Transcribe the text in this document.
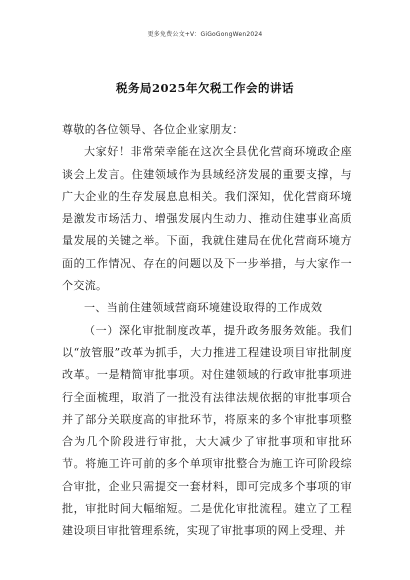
更多免费公文+V：GiGoGongWen2024
税务局2025年欠税工作会的讲话

尊敬的各位领导、各位企业家朋友：

大家好！非常荣幸能在这次全县优化营商环境政企座谈会上发言。住建领域作为县域经济发展的重要支撑，与广大企业的生存发展息息相关。我们深知，优化营商环境是激发市场活力、增强发展内生动力、推动住建事业高质量发展的关键之举。下面，我就住建局在优化营商环境方面的工作情况、存在的问题以及下一步举措，与大家作一个交流。

一、当前住建领域营商环境建设取得的工作成效

（一）深化审批制度改革，提升政务服务效能。我们以“放管服”改革为抓手，大力推进工程建设项目审批制度改革。一是精简审批事项。对住建领域的行政审批事项进行全面梳理，取消了一批没有法律法规依据的审批事项合并了部分关联度高的审批环节，将原来的多个审批事项整合为几个阶段进行审批，大大减少了审批事项和审批环节。将施工许可前的多个单项审批整合为施工许可阶段综合审批，企业只需提交一套材料，即可完成多个事项的审批，审批时间大幅缩短。二是优化审批流程。建立了工程建设项目审批管理系统，实现了审批事项的网上受理、并
